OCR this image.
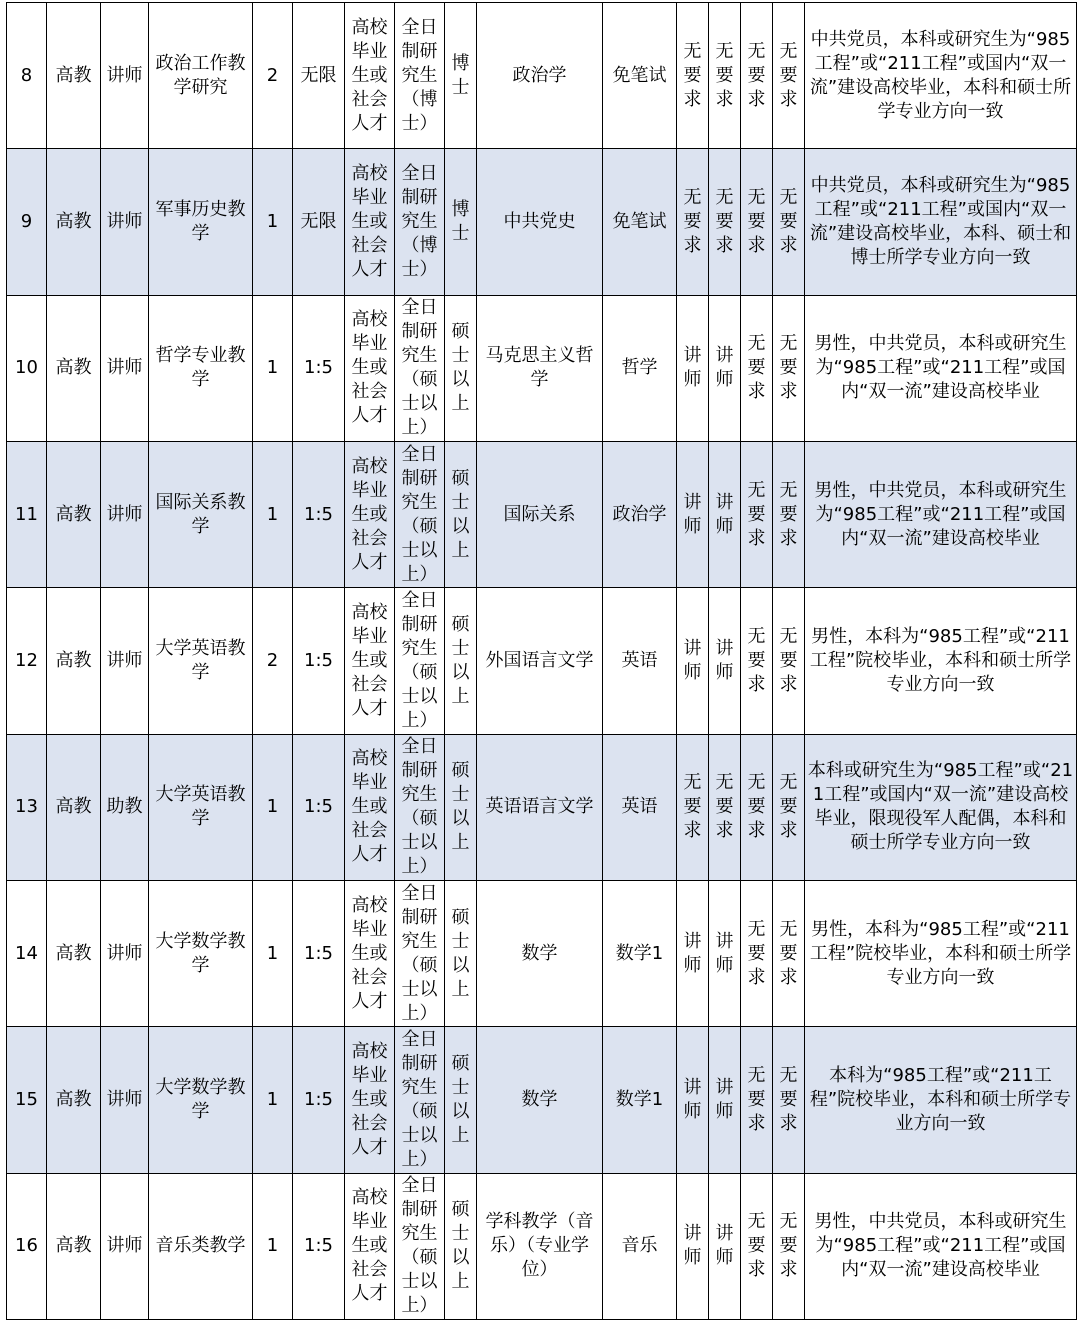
8	高教	讲师	政治工作教学研究	2	无限	高校毕业生或社会人才	全日制研究生（博士）	博士	政治学	免笔试	无要求	无要求	无要求	无要求	中共党员，本科或研究生为“985工程”或“211工程”或国内“双一流”建设高校毕业，本科和硕士所学专业方向一致
9	高教	讲师	军事历史教学	1	无限	高校毕业生或社会人才	全日制研究生（博士）	博士	中共党史	免笔试	无要求	无要求	无要求	无要求	中共党员，本科或研究生为“985工程”或“211工程”或国内“双一流”建设高校毕业，本科、硕士和博士所学专业方向一致
10	高教	讲师	哲学专业教学	1	1:5	高校毕业生或社会人才	全日制研究生（硕士以上）	硕士以上	马克思主义哲学	哲学	讲师	讲师	无要求	无要求	男性，中共党员，本科或研究生为“985工程”或“211工程”或国内“双一流”建设高校毕业
11	高教	讲师	国际关系教学	1	1:5	高校毕业生或社会人才	全日制研究生（硕士以上）	硕士以上	国际关系	政治学	讲师	讲师	无要求	无要求	男性，中共党员，本科或研究生为“985工程”或“211工程”或国内“双一流”建设高校毕业
12	高教	讲师	大学英语教学	2	1:5	高校毕业生或社会人才	全日制研究生（硕士以上）	硕士以上	外国语言文学	英语	讲师	讲师	无要求	无要求	男性，本科为“985工程”或“211工程”院校毕业，本科和硕士所学专业方向一致
13	高教	助教	大学英语教学	1	1:5	高校毕业生或社会人才	全日制研究生（硕士以上）	硕士以上	英语语言文学	英语	无要求	无要求	无要求	无要求	本科或研究生为“985工程”或“211工程”或国内“双一流”建设高校毕业，限现役军人配偶，本科和硕士所学专业方向一致
14	高教	讲师	大学数学教学	1	1:5	高校毕业生或社会人才	全日制研究生（硕士以上）	硕士以上	数学	数学1	讲师	讲师	无要求	无要求	男性，本科为“985工程”或“211工程”院校毕业，本科和硕士所学专业方向一致
15	高教	讲师	大学数学教学	1	1:5	高校毕业生或社会人才	全日制研究生（硕士以上）	硕士以上	数学	数学1	讲师	讲师	无要求	无要求	本科为“985工程”或“211工程”院校毕业，本科和硕士所学专业方向一致
16	高教	讲师	音乐类教学	1	1:5	高校毕业生或社会人才	全日制研究生（硕士以上）	硕士以上	学科教学（音乐）（专业学位）	音乐	讲师	讲师	无要求	无要求	男性，中共党员，本科或研究生为“985工程”或“211工程”或国内“双一流”建设高校毕业
